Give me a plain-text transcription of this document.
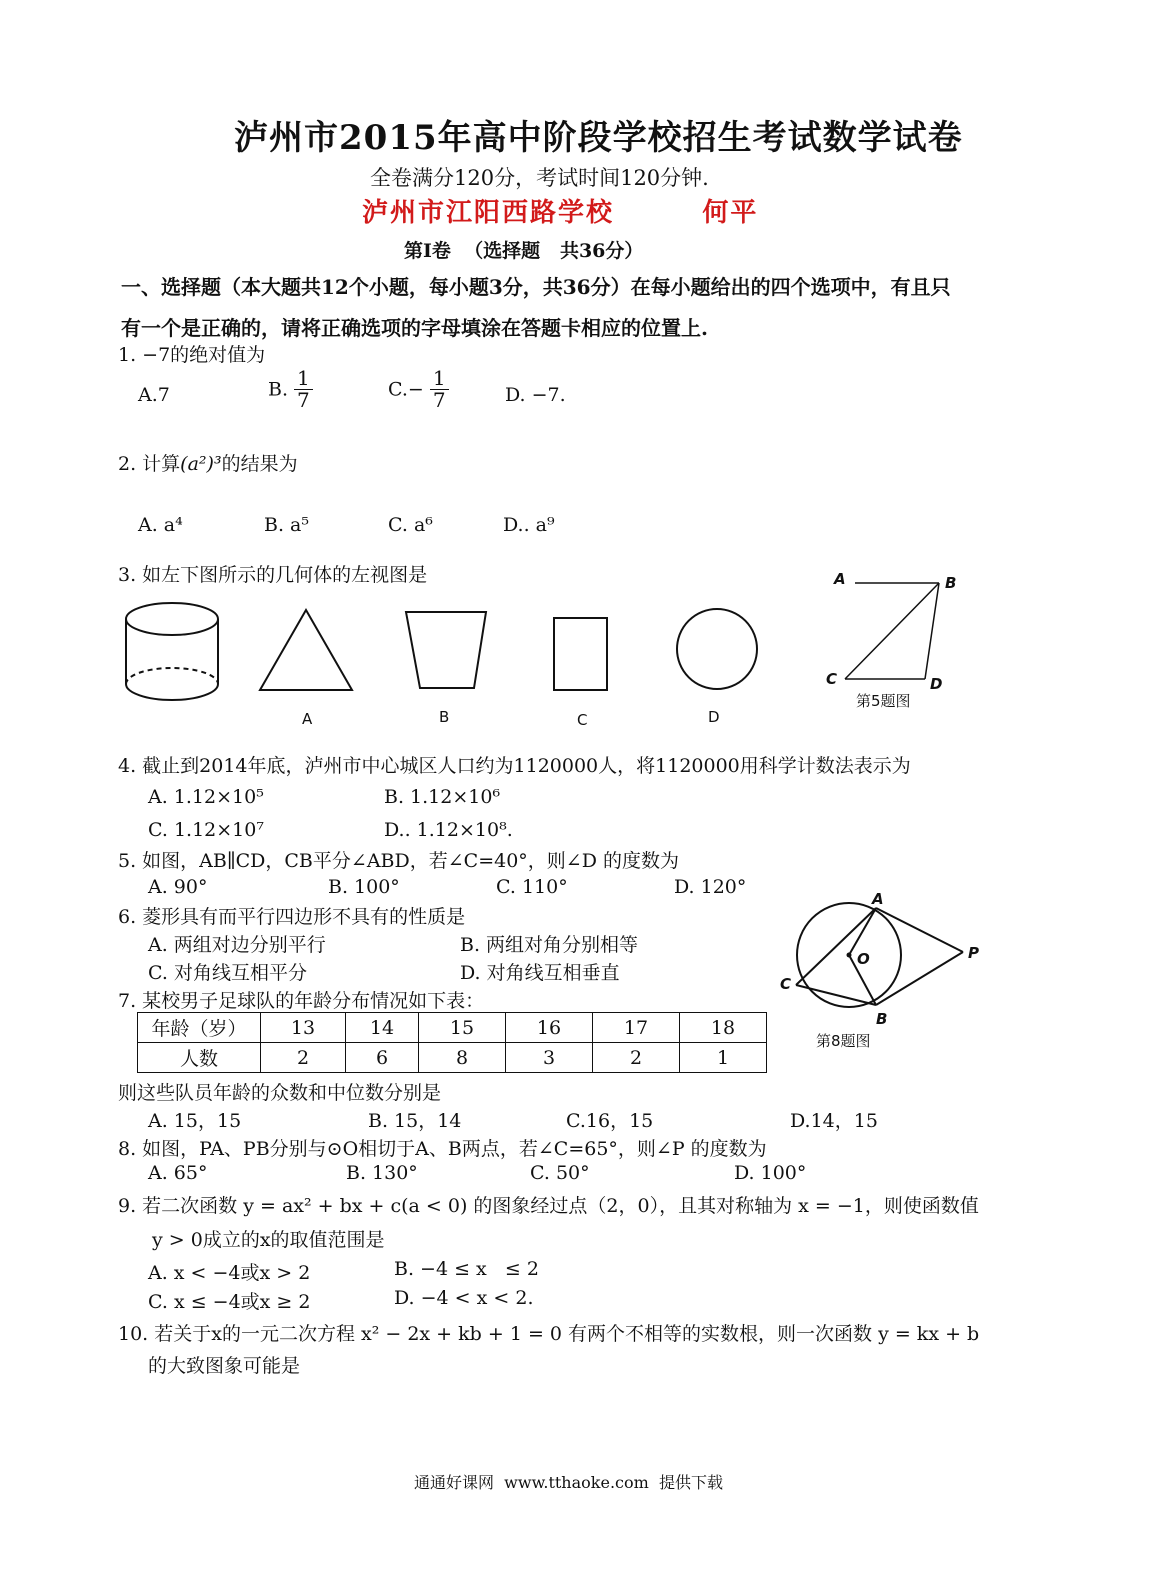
泸州市2015年高中阶段学校招生考试数学试卷
全卷满分120分，考试时间120分钟.
泸州市江阳西路学校        何平
第Ⅰ卷  （选择题   共36分）
一、选择题（本大题共12个小题，每小题3分，共36分）在每小题给出的四个选项中，有且只
有一个是正确的，请将正确选项的字母填涂在答题卡相应的位置上.
1. −7的绝对值为
A.7	B. $\frac{1}{7}$	$C.- \frac{1}{7}$	D. −7.
2. 计算(a²)³的结果为
A. a⁴	B. a⁵	C. a⁶	D.. a⁹
3. 如左下图所示的几何体的左视图是
A	B	C	D
A	B
C	D
第5题图
4. 截止到2014年底，泸州市中心城区人口约为1120000人，将1120000用科学计数法表示为
A. 1.12×10⁵	B. 1.12×10⁶
C. 1.12×10⁷	D.. 1.12×10⁸.
5. 如图，AB∥CD，CB平分∠ABD，若∠C=40°，则∠D 的度数为
A. 90°	B. 100°	C. 110°	D. 120°
6. 菱形具有而平行四边形不具有的性质是
A. 两组对边分别平行	B. 两组对角分别相等
C. 对角线互相平分	D. 对角线互相垂直
A
O	P
C
B
第8题图
7. 某校男子足球队的年龄分布情况如下表：
年龄（岁）	13	14	15	16	17	18
人数	2	6	8	3	2	1
则这些队员年龄的众数和中位数分别是
A. 15，15	B. 15，14	C.16，15	D.14，15
8. 如图，PA、PB分别与⊙O相切于A、B两点，若∠C=65°，则∠P 的度数为
A. 65°	B. 130°	C. 50°	D. 100°
9. 若二次函数 y = ax² + bx + c(a < 0) 的图象经过点（2，0），且其对称轴为 x = −1，则使函数值
y > 0成立的x的取值范围是
A. x < −4或x > 2	B. −4 ≤ x   ≤ 2
C. x ≤ −4或x ≥ 2	D. −4 < x < 2.
10. 若关于x的一元二次方程 x² − 2x + kb + 1 = 0 有两个不相等的实数根，则一次函数 y = kx + b
的大致图象可能是
通通好课网  www.tthaoke.com  提供下载
